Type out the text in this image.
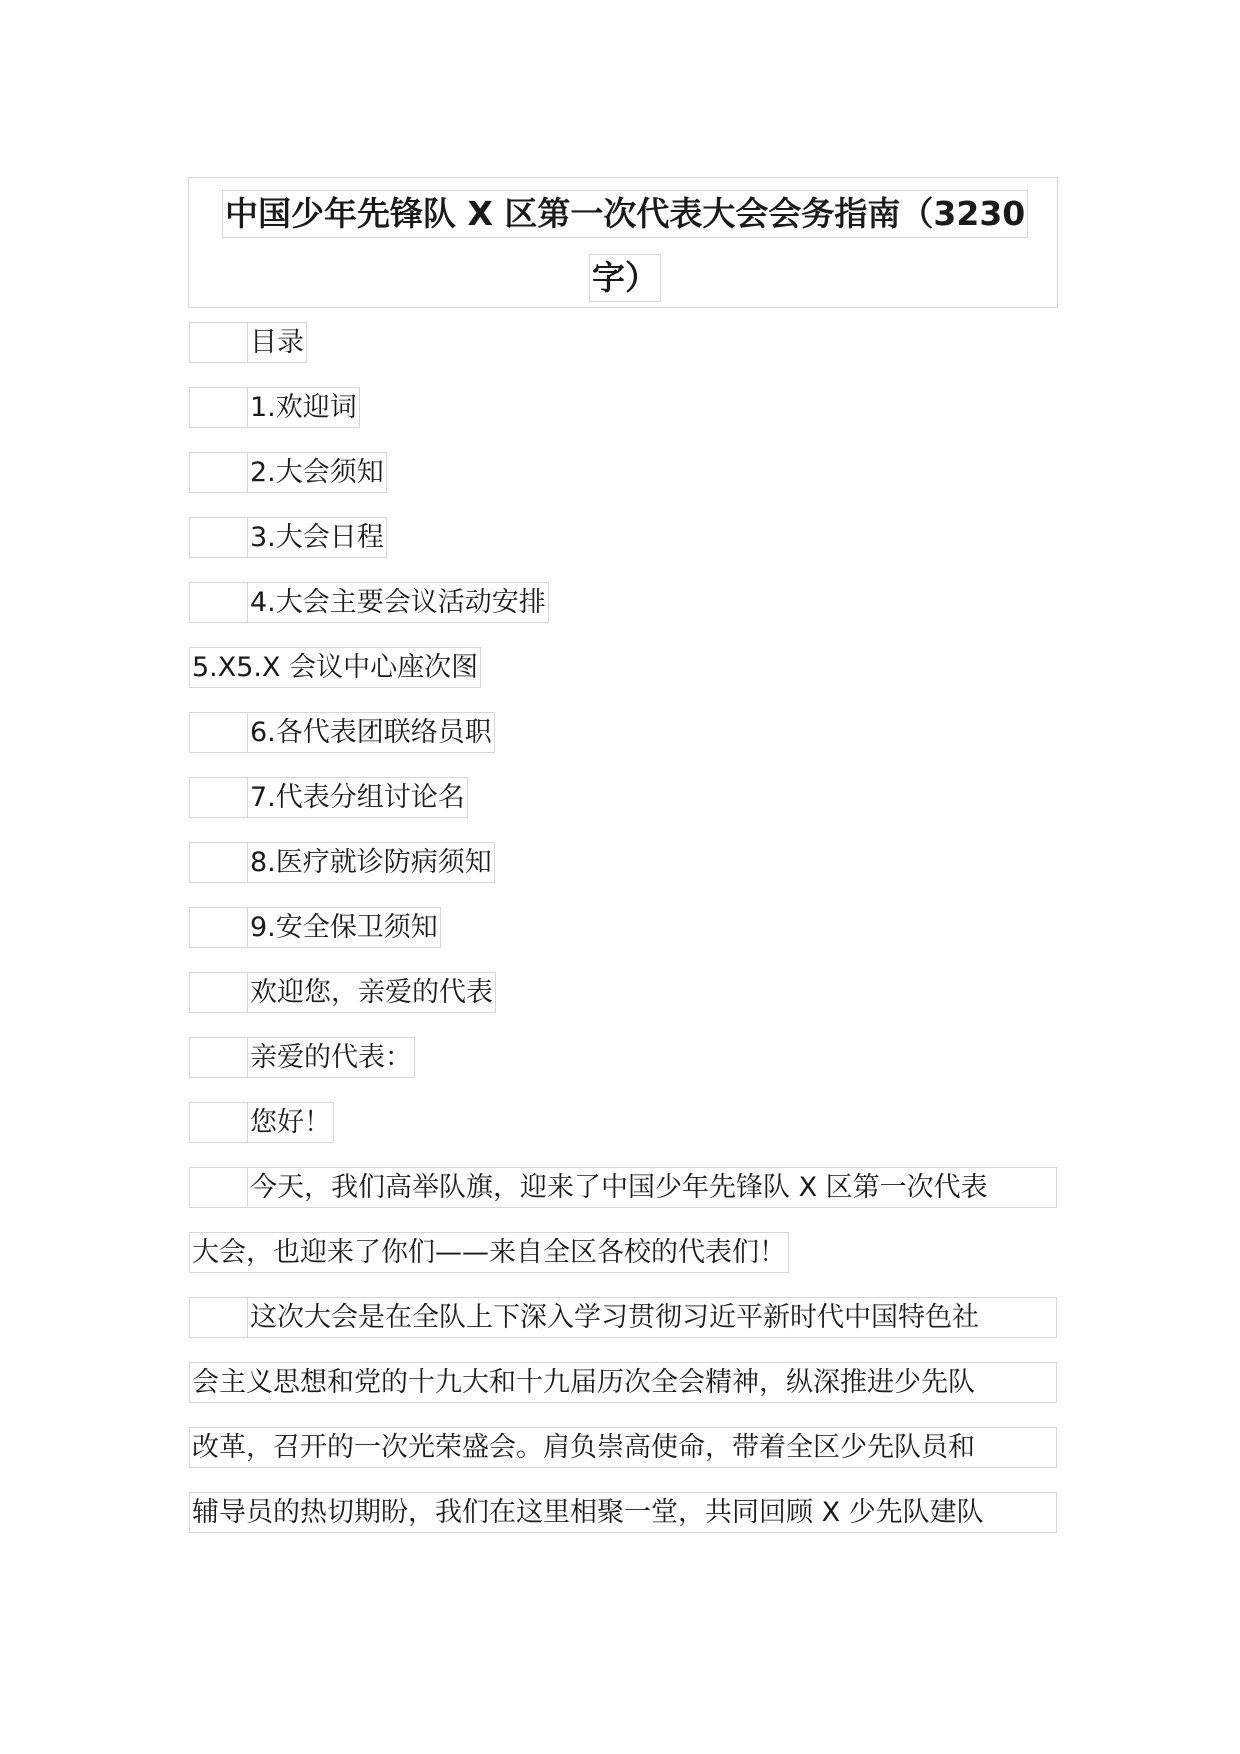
中国少年先锋队 X 区第一次代表大会会务指南（3230
字）
目录
1.欢迎词
2.大会须知
3.大会日程
4.大会主要会议活动安排
5.X5.X 会议中心座次图
6.各代表团联络员职
7.代表分组讨论名
8.医疗就诊防病须知
9.安全保卫须知
欢迎您，亲爱的代表
亲爱的代表：
您好！
今天，我们高举队旗，迎来了中国少年先锋队 X 区第一次代表
大会，也迎来了你们——来自全区各校的代表们！
这次大会是在全队上下深入学习贯彻习近平新时代中国特色社
会主义思想和党的十九大和十九届历次全会精神，纵深推进少先队
改革，召开的一次光荣盛会。肩负崇高使命，带着全区少先队员和
辅导员的热切期盼，我们在这里相聚一堂，共同回顾 X 少先队建队
